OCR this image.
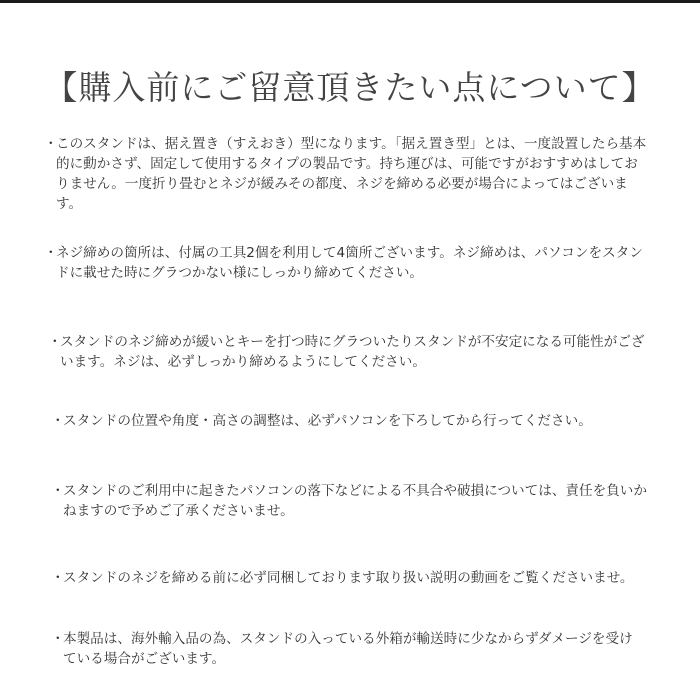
【購入前にご留意頂きたい点について】
・
このスタンドは、据え置き（すえおき）型になります。「据え置き型」とは、一度設置したら基本的に動かさず、固定して使用するタイプの製品です。持ち運びは、可能ですがおすすめはしておりません。一度折り畳むとネジが緩みその都度、ネジを締める必要が場合によってはございます。
・
ネジ締めの箇所は、付属の工具2個を利用して4箇所ございます。ネジ締めは、パソコンをスタンドに載せた時にグラつかない様にしっかり締めてください。
・
スタンドのネジ締めが緩いとキーを打つ時にグラついたりスタンドが不安定になる可能性がございます。ネジは、必ずしっかり締めるようにしてください。
・
スタンドの位置や角度・高さの調整は、必ずパソコンを下ろしてから行ってください。
・
スタンドのご利用中に起きたパソコンの落下などによる不具合や破損については、責任を負いかねますので予めご了承くださいませ。
・
スタンドのネジを締める前に必ず同梱しております取り扱い説明の動画をご覧くださいませ。
・
本製品は、海外輸入品の為、スタンドの入っている外箱が輸送時に少なからずダメージを受けている場合がございます。
